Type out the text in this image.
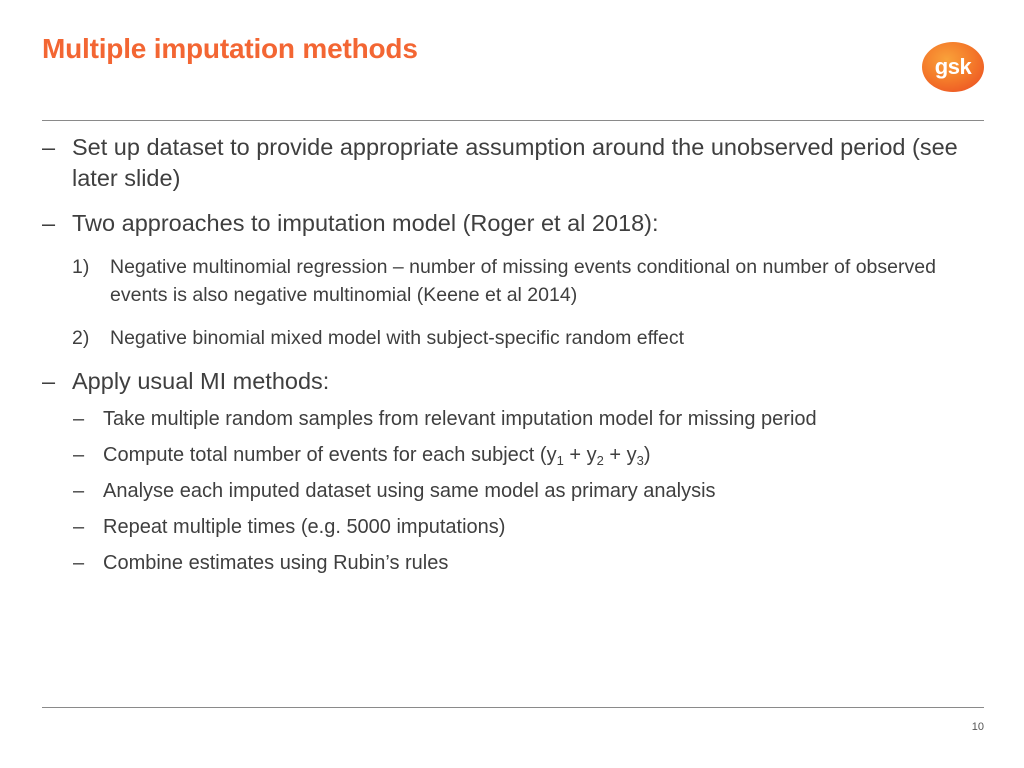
Multiple imputation methods
gsk
– Set up dataset to provide appropriate assumption around the unobserved period (see later slide)
– Two approaches to imputation model (Roger et al 2018):
1) Negative multinomial regression – number of missing events conditional on number of observed events is also negative multinomial (Keene et al 2014)
2) Negative binomial mixed model with subject-specific random effect
– Apply usual MI methods:
– Take multiple random samples from relevant imputation model for missing period
– Compute total number of events for each subject $(y_1 + y_2 + y_3)$
– Analyse each imputed dataset using same model as primary analysis
– Repeat multiple times (e.g. 5000 imputations)
– Combine estimates using Rubin’s rules
10
